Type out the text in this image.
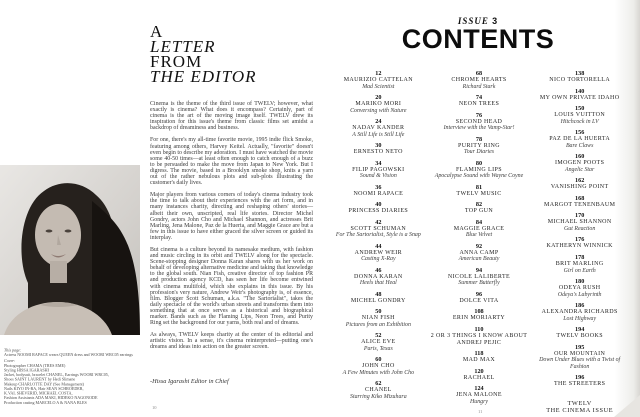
A
LETTER
FROM
THE EDITOR
Cinema is the theme of the third issue of TWELV; however, what exactly is cinema? What does it encompass? Certainly, part of cinema is the art of the moving image itself. TWELV drew its inspiration for this issue's theme from classic films set amidst a backdrop of dreaminess and business.
For one, there's my all-time favorite movie, 1995 indie flick Smoke, featuring among others, Harvey Keitel. Actually, "favorite" doesn't even begin to describe my adoration. I must have watched the movie some 40-50 times—at least often enough to catch enough of a buzz to be persuaded to make the move from Japan to New York. But I digress. The movie, based in a Brooklyn smoke shop, knits a yarn out of the rather nebulous plots and sub-plots illustrating the customer's daily lives.
Major players from various corners of today's cinema industry took the time to talk about their experiences with the art form, and in many instances charity, directing and reshaping others' stories—albeit their own, unscripted, real life stories. Director Michel Gondry, actors John Cho and Michael Shannon, and actresses Brit Marling, Jena Malone, Paz de la Huerta, and Maggie Grace are but a few in this issue to have either graced the silver screen or guided its interplay.
But cinema is a culture beyond its namesake medium, with fashion and music circling in its orbit and TWELV along for the spectacle. Scene-stopping designer Donna Karan shares with us her work on behalf of developing alternative medicine and taking that knowledge to the global south. Nian Fish, creative director of top fashion PR and production agency KCD, has seen her life become entwined with cinema multifold, which she explains in this issue. By his profession's very nature, Andrew Weir's photography is, of essence, film. Blogger Scott Schuman, a.k.a. "The Sartorialist", takes the daily spectacle of the world's urban streets and transforms them into something that at once serves as a historical and biographical marker. Bands such as the Flaming Lips, Neon Trees, and Purity Ring set the background for our yarns, both real and of dreams.
As always, TWELV keeps charity at the center of its editorial and artistic vision. In a sense, it's cinema reinterpreted—putting one's dreams and ideas into action on the greater screen.
-Hissa Igarashi Editor in Chief
This page:
Actress NOOMI RAPACE wears QUEEN dress and WOORI WRC05 earrings
Cover:
Photographer CHAMA (TRES EME)
Styling HISSA IGARASHI
Jacket, bodysuit, bracelet CHANEL, Earrings WOORI WRC05,
Shoes SAINT LAURENT by Hedi Slimane
Makeup CHARLOTTE DAY (See Management)
Nails KIYO IN-BA, Hair SEAN SCHROEDER,
K.VAL SHEVERID, MICHAEL COSTA,
Fashion Assistants ADA MAKI, HIDEKO NAGONODE
Production casting MARCELO A & NANA BLES
10
ISSUE 3
CONTENTS
12
MAURIZIO CATTELAN
Mad Scientist
20
MARIKO MORI
Conversing with Nature
24
NADAV KANDER
A Still Life is Still Life
30
ERNESTO NETO
34
FILIP PAGOWSKI
Sound & Vision
36
NOOMI RAPACE
40
PRINCESS DIARIES
42
SCOTT SCHUMAN
For The Sartorialist, Style is a Snap
44
ANDREW WEIR
Casting X-Ray
46
DONNA KARAN
Heels that Heal
48
MICHEL GONDRY
50
NIAN FISH
Pictures from an Exhibition
52
ALICE EVE
Paris, Texas
60
JOHN CHO
A Few Minutes with John Cho
62
CHANEL
Starring Kiko Mizuhara
68
CHROME HEARTS
Richard Stark
74
NEON TREES
76
SECOND HEAD
Interview with the Vamp-Star!
78
PURITY RING
Tour Diaries
80
FLAMING LIPS
Apocalypse Sound with Wayne Coyne
81
TWELV MUSIC
82
TOP GUN
84
MAGGIE GRACE
Blue Velvet
92
ANNA CAMP
American Beauty
94
NICOLE LALIBERTE
Summer Butterfly
96
DOLCE VITA
108
ERIN MORIARTY
110
2 OR 3 THINGS I KNOW ABOUT ANDREJ PEJIC
118
MAD MAX
120
RACHAEL
124
JENA MALONE
Hungry
138
NICO TORTORELLA
140
MY OWN PRIVATE IDAHO
150
LOUIS VUITTON
Hitchcock in LV
156
PAZ DE LA HUERTA
Bare Claws
160
IMOGEN POOTS
Angelic Star
162
VANISHING POINT
168
MARGOT TENENBAUM
170
MICHAEL SHANNON
Gut Reaction
176
KATHERYN WINNICK
178
BRIT MARLING
Girl on Earth
180
ODEYA RUSH
Odeya's Labyrinth
186
ALEXANDRA RICHARDS
Lost Highway
194
TWELV BOOKS
195
OUR MOUNTAIN
Down Under Blues with a Twist of Fashion
196
THE STREETERS
TWELV
THE CINEMA ISSUE
11
